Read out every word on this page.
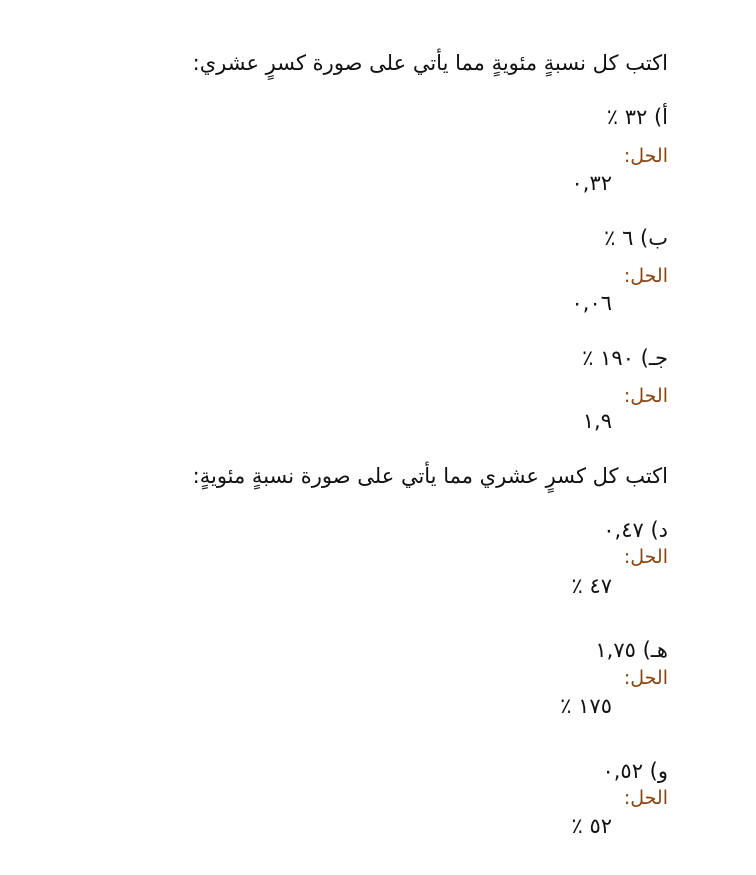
اكتب كل نسبةٍ مئويةٍ مما يأتي على صورة كسرٍ عشري:
أ) ٣٢ ٪
الحل:
٠,٣٢
ب) ٦ ٪
الحل:
٠,٠٦
جـ) ١٩٠ ٪
الحل:
١,٩
اكتب كل كسرٍ عشري مما يأتي على صورة نسبةٍ مئويةٍ:
د) ٠,٤٧
الحل:
٤٧ ٪
هـ) ١,٧٥
الحل:
١٧٥ ٪
و) ٠,٥٢
الحل:
٥٢ ٪
